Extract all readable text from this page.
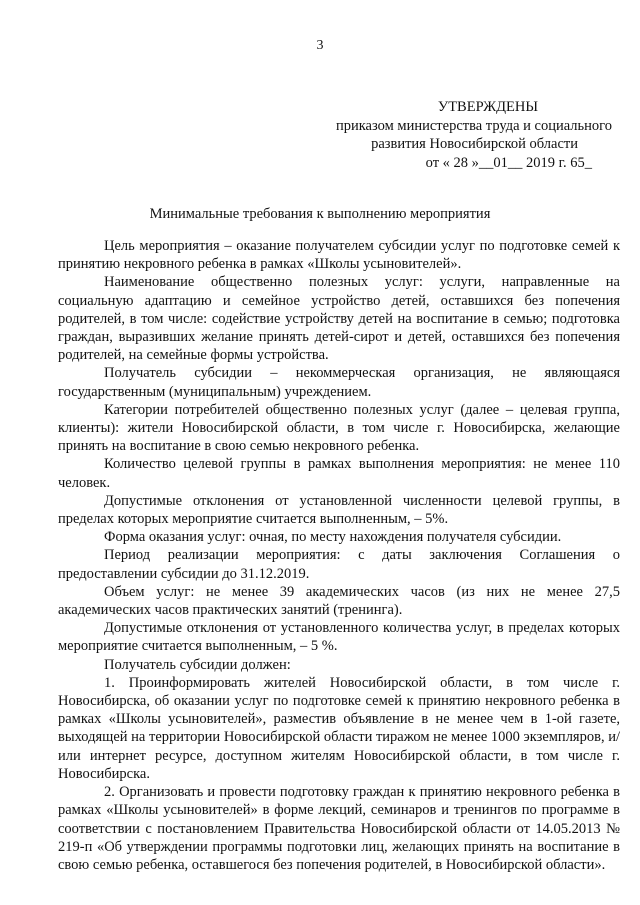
3
УТВЕРЖДЕНЫ
приказом министерства труда и социального
развития Новосибирской области
от « 28 »__01__ 2019 г. 65_
Минимальные требования к выполнению мероприятия

Цель мероприятия – оказание получателем субсидии услуг по подготовке семей к принятию некровного ребенка в рамках «Школы усыновителей».

Наименование общественно полезных услуг: услуги, направленные на социальную адаптацию и семейное устройство детей, оставшихся без попечения родителей, в том числе: содействие устройству детей на воспитание в семью; подготовка граждан, выразивших желание принять детей-сирот и детей, оставшихся без попечения родителей, на семейные формы устройства.

Получатель субсидии – некоммерческая организация, не являющаяся государственным (муниципальным) учреждением.

Категории потребителей общественно полезных услуг (далее – целевая группа, клиенты): жители Новосибирской области, в том числе г. Новосибирска, желающие принять на воспитание в свою семью некровного ребенка.

Количество целевой группы в рамках выполнения мероприятия: не менее 110 человек.

Допустимые отклонения от установленной численности целевой группы, в пределах которых мероприятие считается выполненным, – 5%.

Форма оказания услуг: очная, по месту нахождения получателя субсидии.

Период реализации мероприятия: с даты заключения Соглашения о предоставлении субсидии до 31.12.2019.

Объем услуг: не менее 39 академических часов (из них не менее 27,5 академических часов практических занятий (тренинга).

Допустимые отклонения от установленного количества услуг, в пределах которых мероприятие считается выполненным, – 5 %.

Получатель субсидии должен:

1. Проинформировать жителей Новосибирской области, в том числе г. Новосибирска, об оказании услуг по подготовке семей к принятию некровного ребенка в рамках «Школы усыновителей», разместив объявление в не менее чем в 1-ой газете, выходящей на территории Новосибирской области тиражом не менее 1000 экземпляров, и/или интернет ресурсе, доступном жителям Новосибирской области, в том числе г. Новосибирска.

2. Организовать и провести подготовку граждан к принятию некровного ребенка в рамках «Школы усыновителей» в форме лекций, семинаров и тренингов по программе в соответствии с постановлением Правительства Новосибирской области от 14.05.2013 № 219-п «Об утверждении программы подготовки лиц, желающих принять на воспитание в свою семью ребенка, оставшегося без попечения родителей, в Новосибирской области».
